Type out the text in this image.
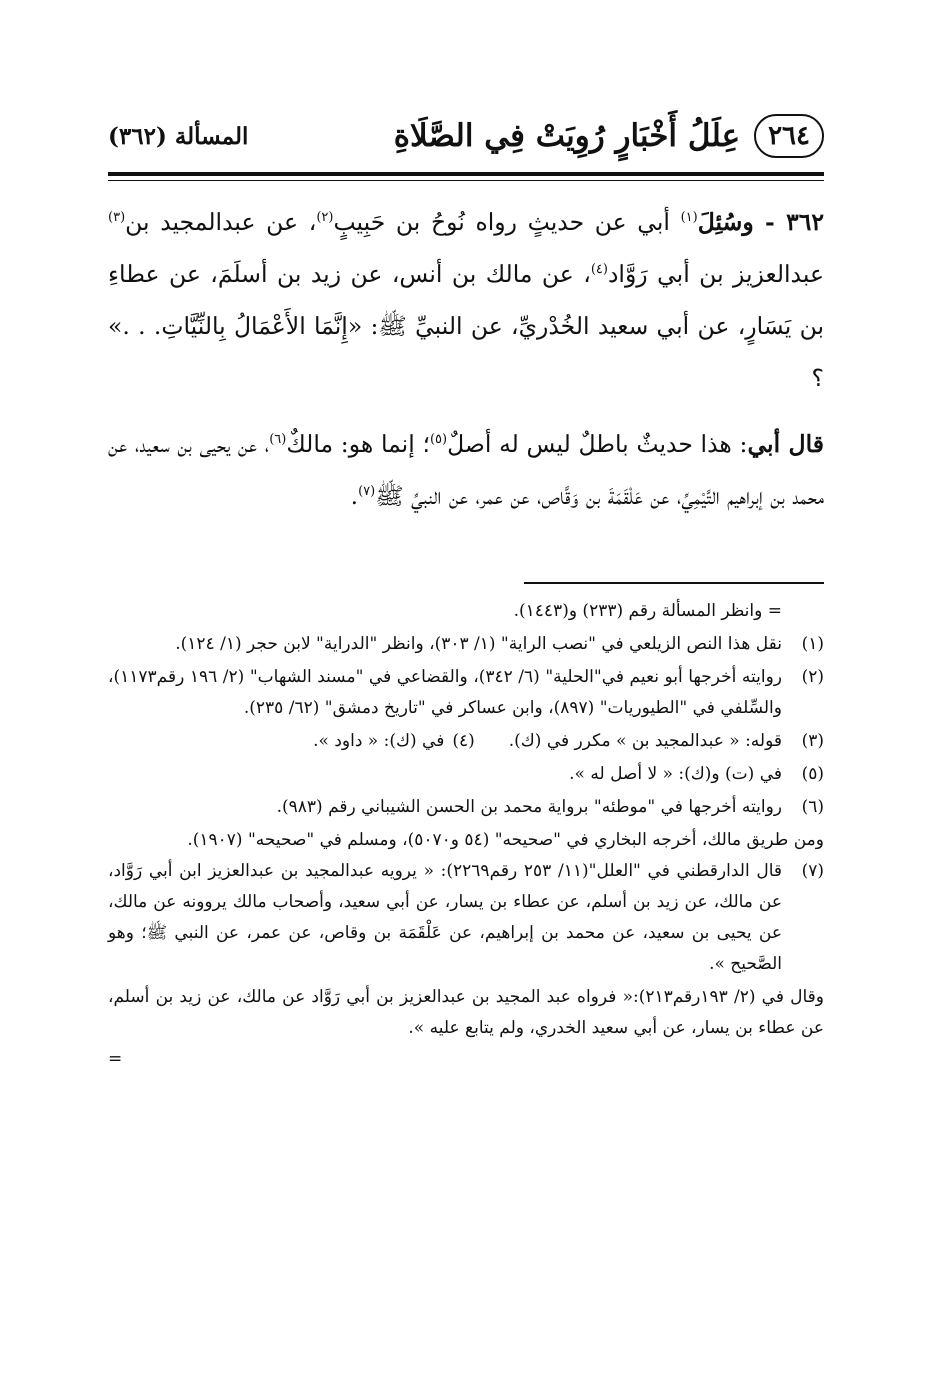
٢٦٤
عِلَلُ أَخْبَارٍ رُوِيَتْ فِي الصَّلَاةِ
المسألة (٣٦٢)

٣٦٢ - وسُئِلَ$^{(١)}$ أبي عن حديثٍ رواه نُوحُ بن حَبِيبٍ$^{(٢)}$، عن عبدالمجيد بن$^{(٣)}$ عبدالعزيز بن أبي رَوَّاد$^{(٤)}$، عن مالك بن أنس، عن زيد بن أسلَمَ، عن عطاءِ بن يَسَارٍ، عن أبي سعيد الخُدْريِّ، عن النبيِّ ﷺ: «إِنَّمَا الأَعْمَالُ بِالنِّيَّاتِ. . .» ؟

قال أبي: هذا حديثٌ باطلٌ ليس له أصلٌ$^{(٥)}$؛ إنما هو: مالكٌ$^{(٦)}$، عن يحيى بن سعيد، عن محمد بن إبراهيم التَّيْمِيِّ، عن عَلْقَمَةَ بن وَقَّاص، عن عمر، عن النبيِّ ﷺ$^{(٧)}$.

= وانظر المسألة رقم (٢٣٣) و(١٤٤٣).
(١)
نقل هذا النص الزيلعي في "نصب الراية" (١/ ٣٠٣)، وانظر "الدراية" لابن حجر (١/ ١٢٤).
(٢)
روايته أخرجها أبو نعيم في"الحلية" (٦/ ٣٤٢)، والقضاعي في "مسند الشهاب" (٢/ ١٩٦ رقم١١٧٣)، والسِّلفي في "الطيوريات" (٨٩٧)، وابن عساكر في "تاريخ دمشق" (٦٢/ ٢٣٥).
(٣)
قوله: « عبدالمجيد بن » مكرر في (ك).
(٤)في (ك): « داود ».
(٥)
في (ت) و(ك): « لا أصل له ».
(٦)
روايته أخرجها في "موطئه" برواية محمد بن الحسن الشيباني رقم (٩٨٣).
ومن طريق مالك، أخرجه البخاري في "صحيحه" (٥٤ و٥٠٧٠)، ومسلم في "صحيحه" (١٩٠٧).
(٧)
قال الدارقطني في "العلل"(١١/ ٢٥٣ رقم٢٢٦٩): « يرويه عبدالمجيد بن عبدالعزيز ابن أبي رَوَّاد، عن مالك، عن زيد بن أسلم، عن عطاء بن يسار، عن أبي سعيد، وأصحاب مالك يروونه عن مالك، عن يحيى بن سعيد، عن محمد بن إبراهيم، عن عَلْقَمَة بن وقاص، عن عمر، عن النبي ﷺ؛ وهو الصَّحيح ».
وقال في (٢/ ١٩٣رقم٢١٣):« فرواه عبد المجيد بن عبدالعزيز بن أبي رَوَّاد عن مالك، عن زيد بن أسلم، عن عطاء بن يسار، عن أبي سعيد الخدري، ولم يتابع عليه ».
=
